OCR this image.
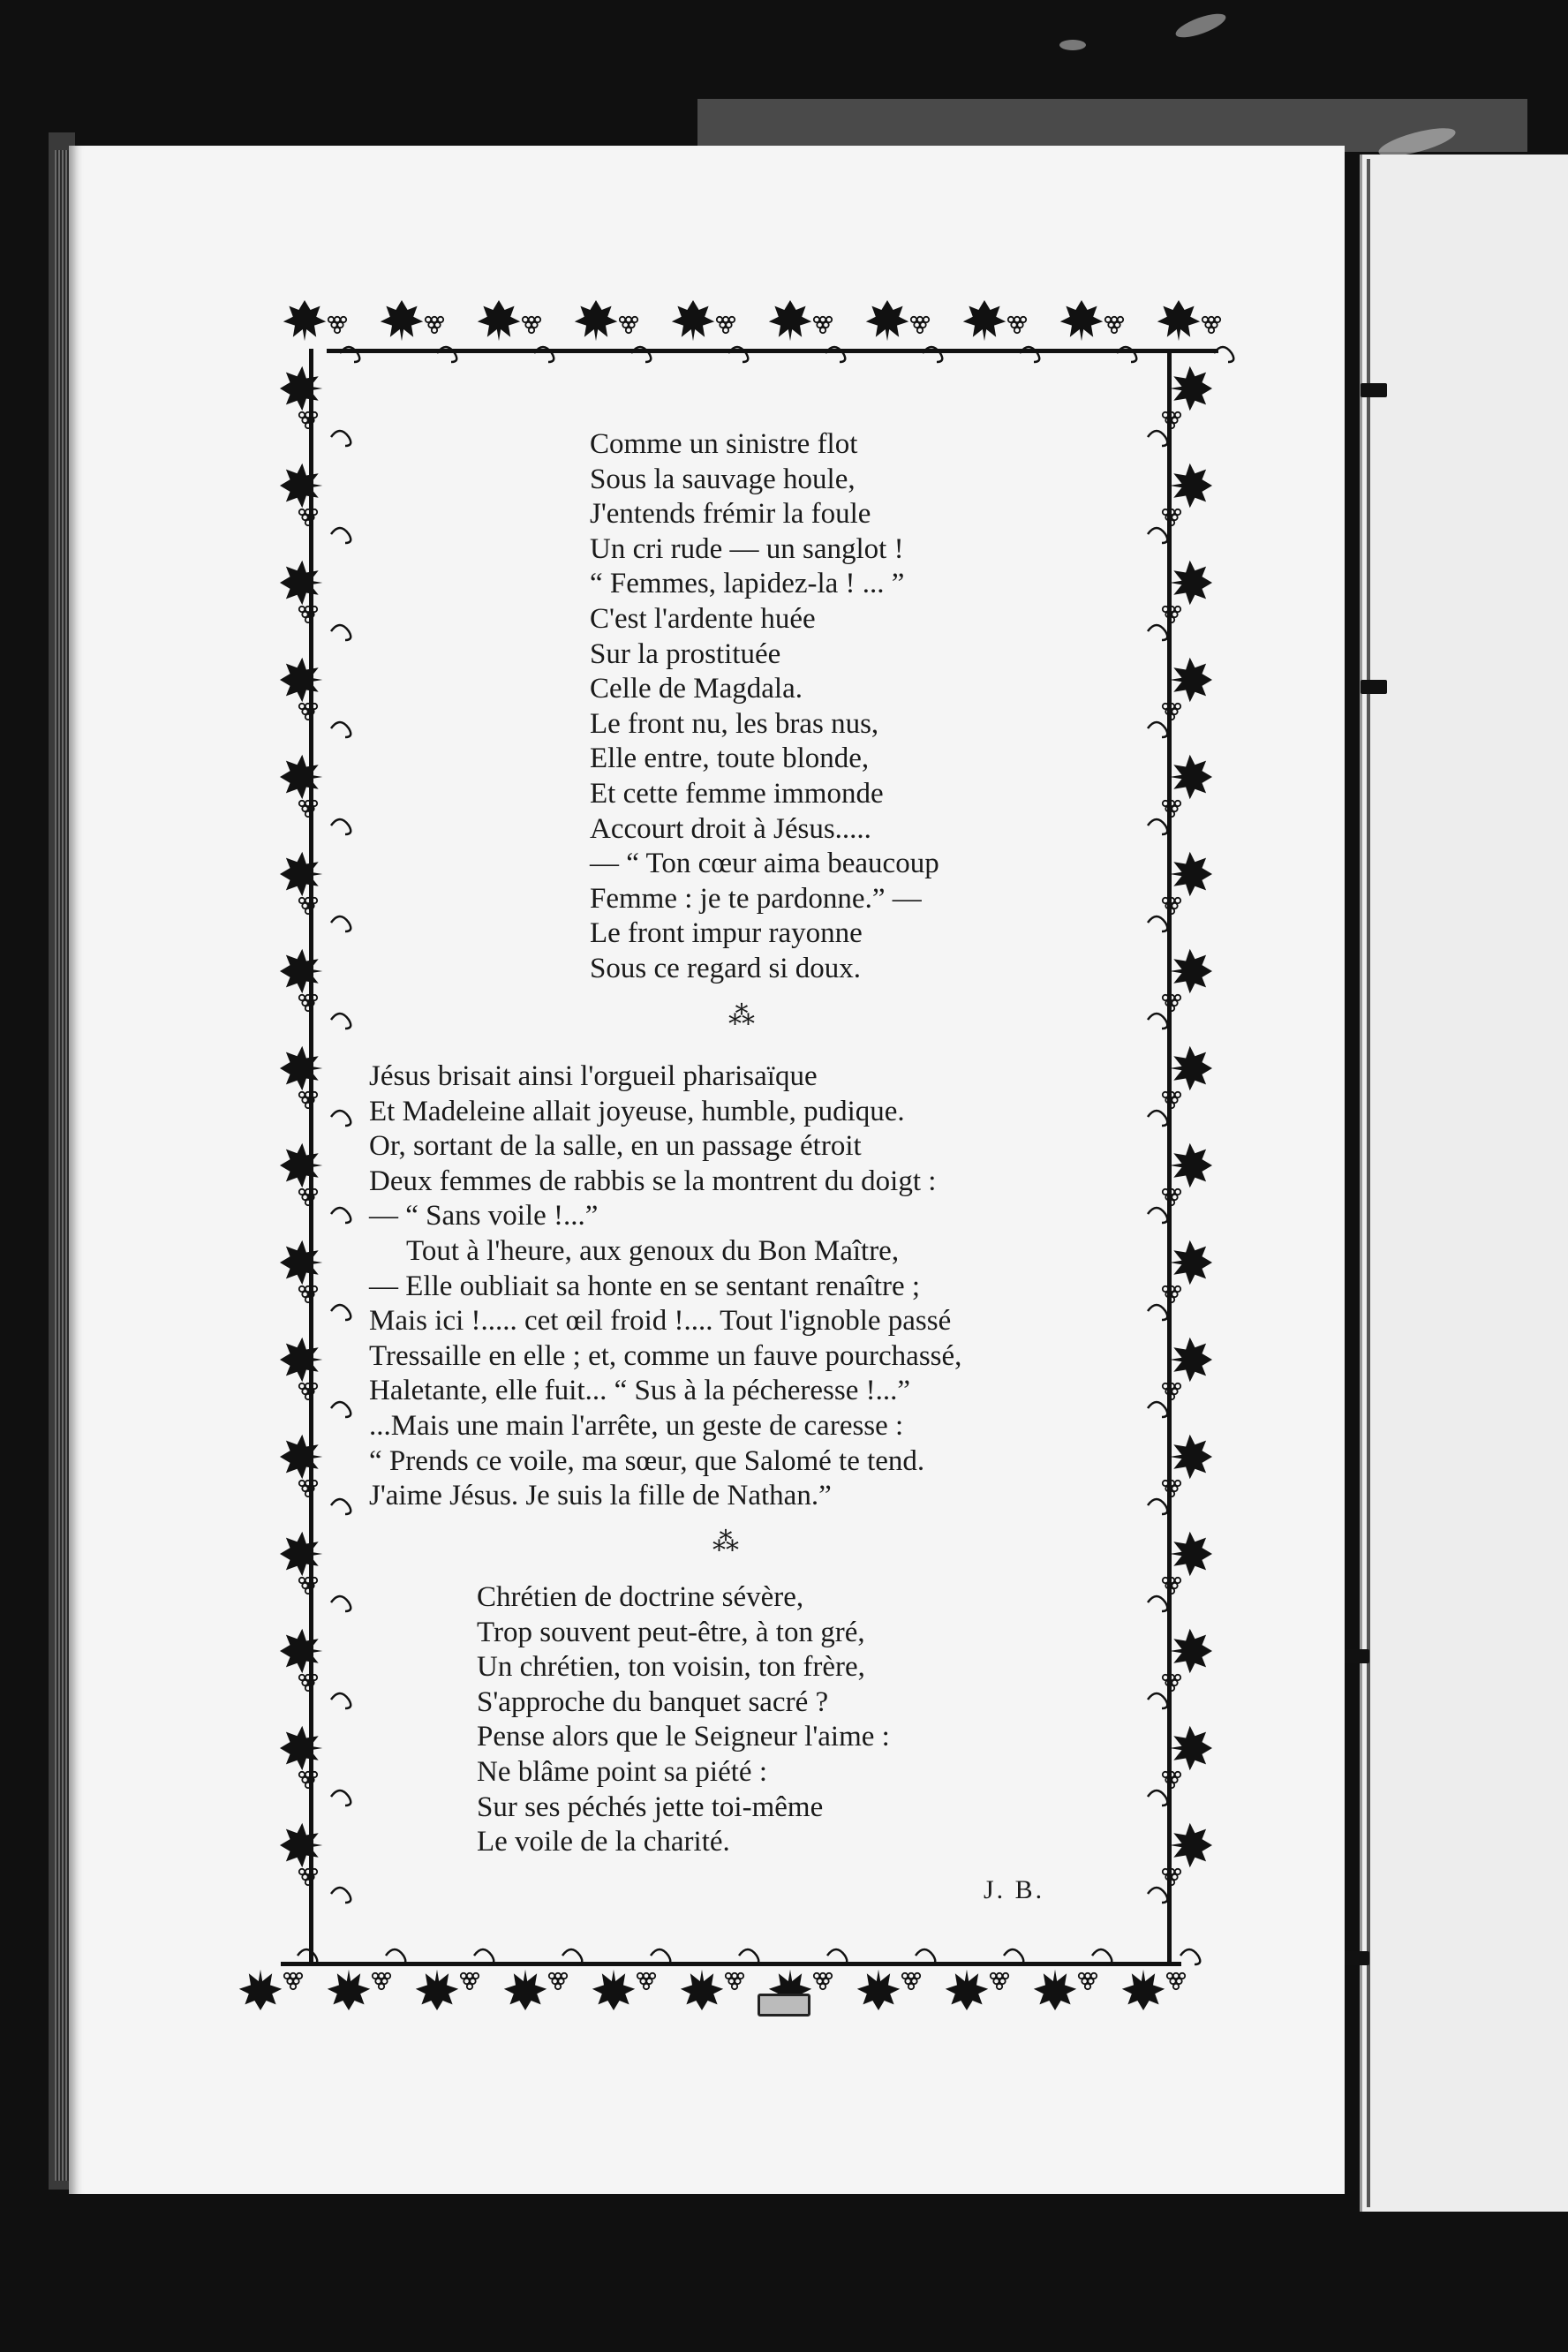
Comme un sinistre flot
Sous la sauvage houle,
J'entends frémir la foule
Un cri rude — un sanglot !
“ Femmes, lapidez-la ! ... ”
C'est l'ardente huée
Sur la prostituée
Celle de Magdala.
Le front nu, les bras nus,
Elle entre, toute blonde,
Et cette femme immonde
Accourt droit à Jésus.....
— “ Ton cœur aima beaucoup
Femme : je te pardonne.” —
Le front impur rayonne
Sous ce regard si doux.
⁂
Jésus brisait ainsi l'orgueil pharisaïque
Et Madeleine allait joyeuse, humble, pudique.
Or, sortant de la salle, en un passage étroit
Deux femmes de rabbis se la montrent du doigt :
— “ Sans voile !...”
Tout à l'heure, aux genoux du Bon Maître,
— Elle oubliait sa honte en se sentant renaître ;
Mais ici !..... cet œil froid !.... Tout l'ignoble passé
Tressaille en elle ; et, comme un fauve pourchassé,
Haletante, elle fuit... “ Sus à la pécheresse !...”
...Mais une main l'arrête, un geste de caresse :
“ Prends ce voile, ma sœur, que Salomé te tend.
J'aime Jésus. Je suis la fille de Nathan.”
⁂
Chrétien de doctrine sévère,
Trop souvent peut-être, à ton gré,
Un chrétien, ton voisin, ton frère,
S'approche du banquet sacré ?
Pense alors que le Seigneur l'aime :
Ne blâme point sa piété :
Sur ses péchés jette toi-même
Le voile de la charité.
J. B.
